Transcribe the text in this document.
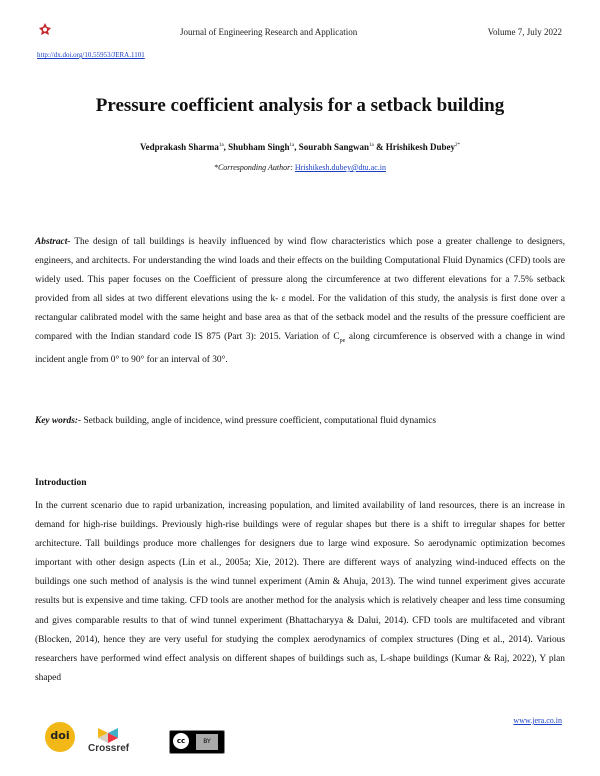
Journal of Engineering Research and Application	Volume 7, July 2022
http://dx.doi.org/10.55953/JERA.1101
Pressure coefficient analysis for a setback building
Vedprakash Sharma$^{1a}$, Shubham Singh$^{1a}$, Sourabh Sangwan$^{1a}$ & Hrishikesh Dubey$^{2*}$
*Corresponding Author: Hrishikesh.dubey@dtu.ac.in
Abstract- The design of tall buildings is heavily influenced by wind flow characteristics which pose a greater challenge to designers, engineers, and architects. For understanding the wind loads and their effects on the building Computational Fluid Dynamics (CFD) tools are widely used. This paper focuses on the Coefficient of pressure along the circumference at two different elevations for a 7.5% setback provided from all sides at two different elevations using the k- ε model. For the validation of this study, the analysis is first done over a rectangular calibrated model with the same height and base area as that of the setback model and the results of the pressure coefficient are compared with the Indian standard code IS 875 (Part 3): 2015. Variation of $C_{pe}$ along circumference is observed with a change in wind incident angle from 0° to 90° for an interval of 30°.
Key words:- Setback building, angle of incidence, wind pressure coefficient, computational fluid dynamics
Introduction
In the current scenario due to rapid urbanization, increasing population, and limited availability of land resources, there is an increase in demand for high-rise buildings. Previously high-rise buildings were of regular shapes but there is a shift to irregular shapes for better architecture. Tall buildings produce more challenges for designers due to large wind exposure. So aerodynamic optimization becomes important with other design aspects (Lin et al., 2005a; Xie, 2012). There are different ways of analyzing wind-induced effects on the buildings one such method of analysis is the wind tunnel experiment (Amin & Ahuja, 2013). The wind tunnel experiment gives accurate results but is expensive and time taking. CFD tools are another method for the analysis which is relatively cheaper and less time consuming and gives comparable results to that of wind tunnel experiment (Bhattacharyya & Dalui, 2014). CFD tools are multifaceted and vibrant (Blocken, 2014), hence they are very useful for studying the complex aerodynamics of complex structures (Ding et al., 2014). Various researchers have performed wind effect analysis on different shapes of buildings such as, L-shape buildings (Kumar & Raj, 2022), Y plan shaped
www.jera.co.in
doi
Crossref
cc	BY
